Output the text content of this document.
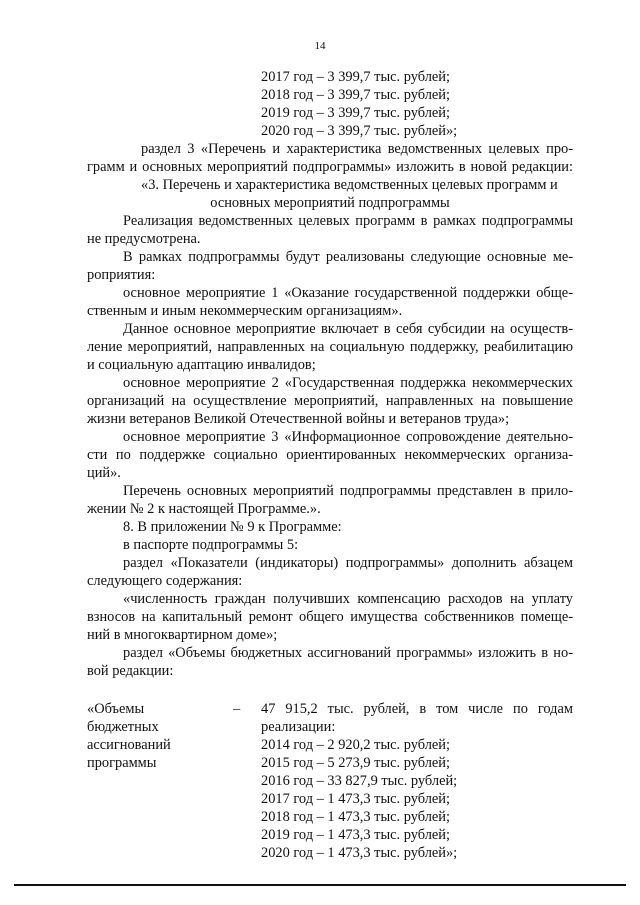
14
2017 год – 3 399,7 тыс. рублей;
2018 год – 3 399,7 тыс. рублей;
2019 год – 3 399,7 тыс. рублей;
2020 год – 3 399,7 тыс. рублей»;
раздел 3 «Перечень и характеристика ведомственных целевых про-
грамм и основных мероприятий подпрограммы» изложить в новой редакции:
«3. Перечень и характеристика ведомственных целевых программ и
основных мероприятий подпрограммы
Реализация ведомственных целевых программ в рамках подпрограммы
не предусмотрена.
В рамках подпрограммы будут реализованы следующие основные ме-
роприятия:
основное мероприятие 1 «Оказание государственной поддержки обще-
ственным и иным некоммерческим организациям».
Данное основное мероприятие включает в себя субсидии на осуществ-
ление мероприятий, направленных на социальную поддержку, реабилитацию
и социальную адаптацию инвалидов;
основное мероприятие 2 «Государственная поддержка некоммерческих
организаций на осуществление мероприятий, направленных на повышение
жизни ветеранов Великой Отечественной войны и ветеранов труда»;
основное мероприятие 3 «Информационное сопровождение деятельно-
сти по поддержке социально ориентированных некоммерческих организа-
ций».
Перечень основных мероприятий подпрограммы представлен в прило-
жении № 2 к настоящей Программе.».
8. В приложении № 9 к Программе:
в паспорте подпрограммы 5:
раздел «Показатели (индикаторы) подпрограммы» дополнить абзацем
следующего содержания:
«численность граждан получивших компенсацию расходов на уплату
взносов на капитальный ремонт общего имущества собственников помеще-
ний в многоквартирном доме»;
раздел «Объемы бюджетных ассигнований программы» изложить в но-
вой редакции:
«Объемы
бюджетных
ассигнований
программы
– 47 915,2 тыс. рублей, в том числе по годам
реализации:
2014 год – 2 920,2 тыс. рублей;
2015 год – 5 273,9 тыс. рублей;
2016 год – 33 827,9 тыс. рублей;
2017 год – 1 473,3 тыс. рублей;
2018 год – 1 473,3 тыс. рублей;
2019 год – 1 473,3 тыс. рублей;
2020 год – 1 473,3 тыс. рублей»;
